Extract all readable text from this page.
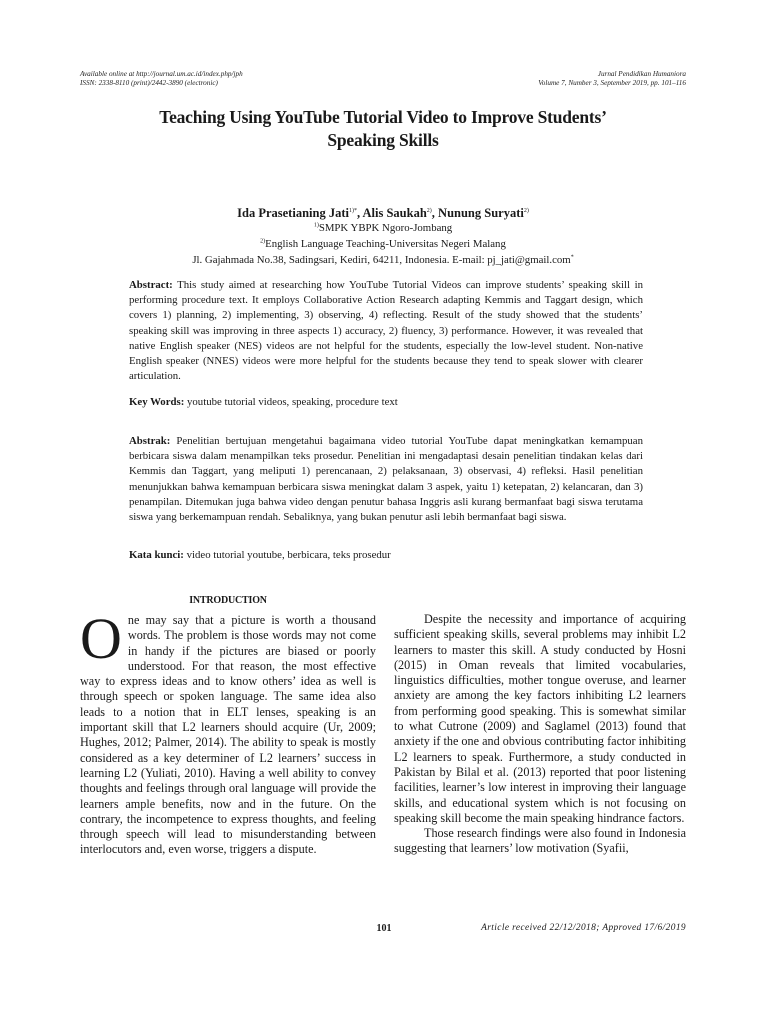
Available online at http://journal.um.ac.id/index.php/jph
ISSN: 2338-8110 (print)/2442-3890 (electronic)
Jurnal Pendidikan Humaniora
Volume 7, Number 3, September 2019, pp. 101–116
Teaching Using YouTube Tutorial Video to Improve Students’
Speaking Skills
Ida Prasetianing Jati$^{1)*}$, Alis Saukah$^{2)}$, Nunung Suryati$^{2)}$
$^{1)}$SMPK YBPK Ngoro-Jombang
$^{2)}$English Language Teaching-Universitas Negeri Malang
Jl. Gajahmada No.38, Sadingsari, Kediri, 64211, Indonesia. E-mail: pj_jati@gmail.com*
Abstract: This study aimed at researching how YouTube Tutorial Videos can improve students’ speaking skill in performing procedure text. It employs Collaborative Action Research adapting Kemmis and Taggart design, which covers 1) planning, 2) implementing, 3) observing, 4) reflecting. Result of the study showed that the students’ speaking skill was improving in three aspects 1) accuracy, 2) fluency, 3) performance. However, it was revealed that native English speaker (NES) videos are not helpful for the students, especially the low-level student. Non-native English speaker (NNES) videos were more helpful for the students because they tend to speak slower with clearer articulation.
Key Words: youtube tutorial videos, speaking, procedure text
Abstrak: Penelitian bertujuan mengetahui bagaimana video tutorial YouTube dapat meningkatkan kemampuan berbicara siswa dalam menampilkan teks prosedur. Penelitian ini mengadaptasi desain penelitian tindakan kelas dari Kemmis dan Taggart, yang meliputi 1) perencanaan, 2) pelaksanaan, 3) observasi, 4) refleksi. Hasil penelitian menunjukkan bahwa kemampuan berbicara siswa meningkat dalam 3 aspek, yaitu 1) ketepatan, 2) kelancaran, dan 3) penampilan. Ditemukan juga bahwa video dengan penutur bahasa Inggris asli kurang bermanfaat bagi siswa terutama siswa yang berkemampuan rendah. Sebaliknya, yang bukan penutur asli lebih bermanfaat bagi siswa.
Kata kunci: video tutorial youtube, berbicara, teks prosedur
INTRODUCTION
One may say that a picture is worth a thousand words. The problem is those words may not come in handy if the pictures are biased or poorly understood. For that reason, the most effective way to express ideas and to know others’ idea as well is through speech or spoken language. The same idea also leads to a notion that in ELT lenses, speaking is an important skill that L2 learners should acquire (Ur, 2009; Hughes, 2012; Palmer, 2014). The ability to speak is mostly considered as a key determiner of L2 learners’ success in learning L2 (Yuliati, 2010). Having a well ability to convey thoughts and feelings through oral language will provide the learners ample benefits, now and in the future. On the contrary, the incompetence to express thoughts, and feeling through speech will lead to misunderstanding between interlocutors and, even worse, triggers a dispute.

Despite the necessity and importance of acquiring sufficient speaking skills, several problems may inhibit L2 learners to master this skill. A study conducted by Hosni (2015) in Oman reveals that limited vocabularies, linguistics difficulties, mother tongue overuse, and learner anxiety are among the key factors inhibiting L2 learners from performing good speaking. This is somewhat similar to what Cutrone (2009) and Saglamel (2013) found that anxiety if the one and obvious contributing factor inhibiting L2 learners to speak. Furthermore, a study conducted in Pakistan by Bilal et al. (2013) reported that poor listening facilities, learner’s low interest in improving their language skills, and educational system which is not focusing on speaking skill become the main speaking hindrance factors.

Those research findings were also found in Indonesia suggesting that learners’ low motivation (Syafii,

101	Article received 22/12/2018; Approved 17/6/2019
